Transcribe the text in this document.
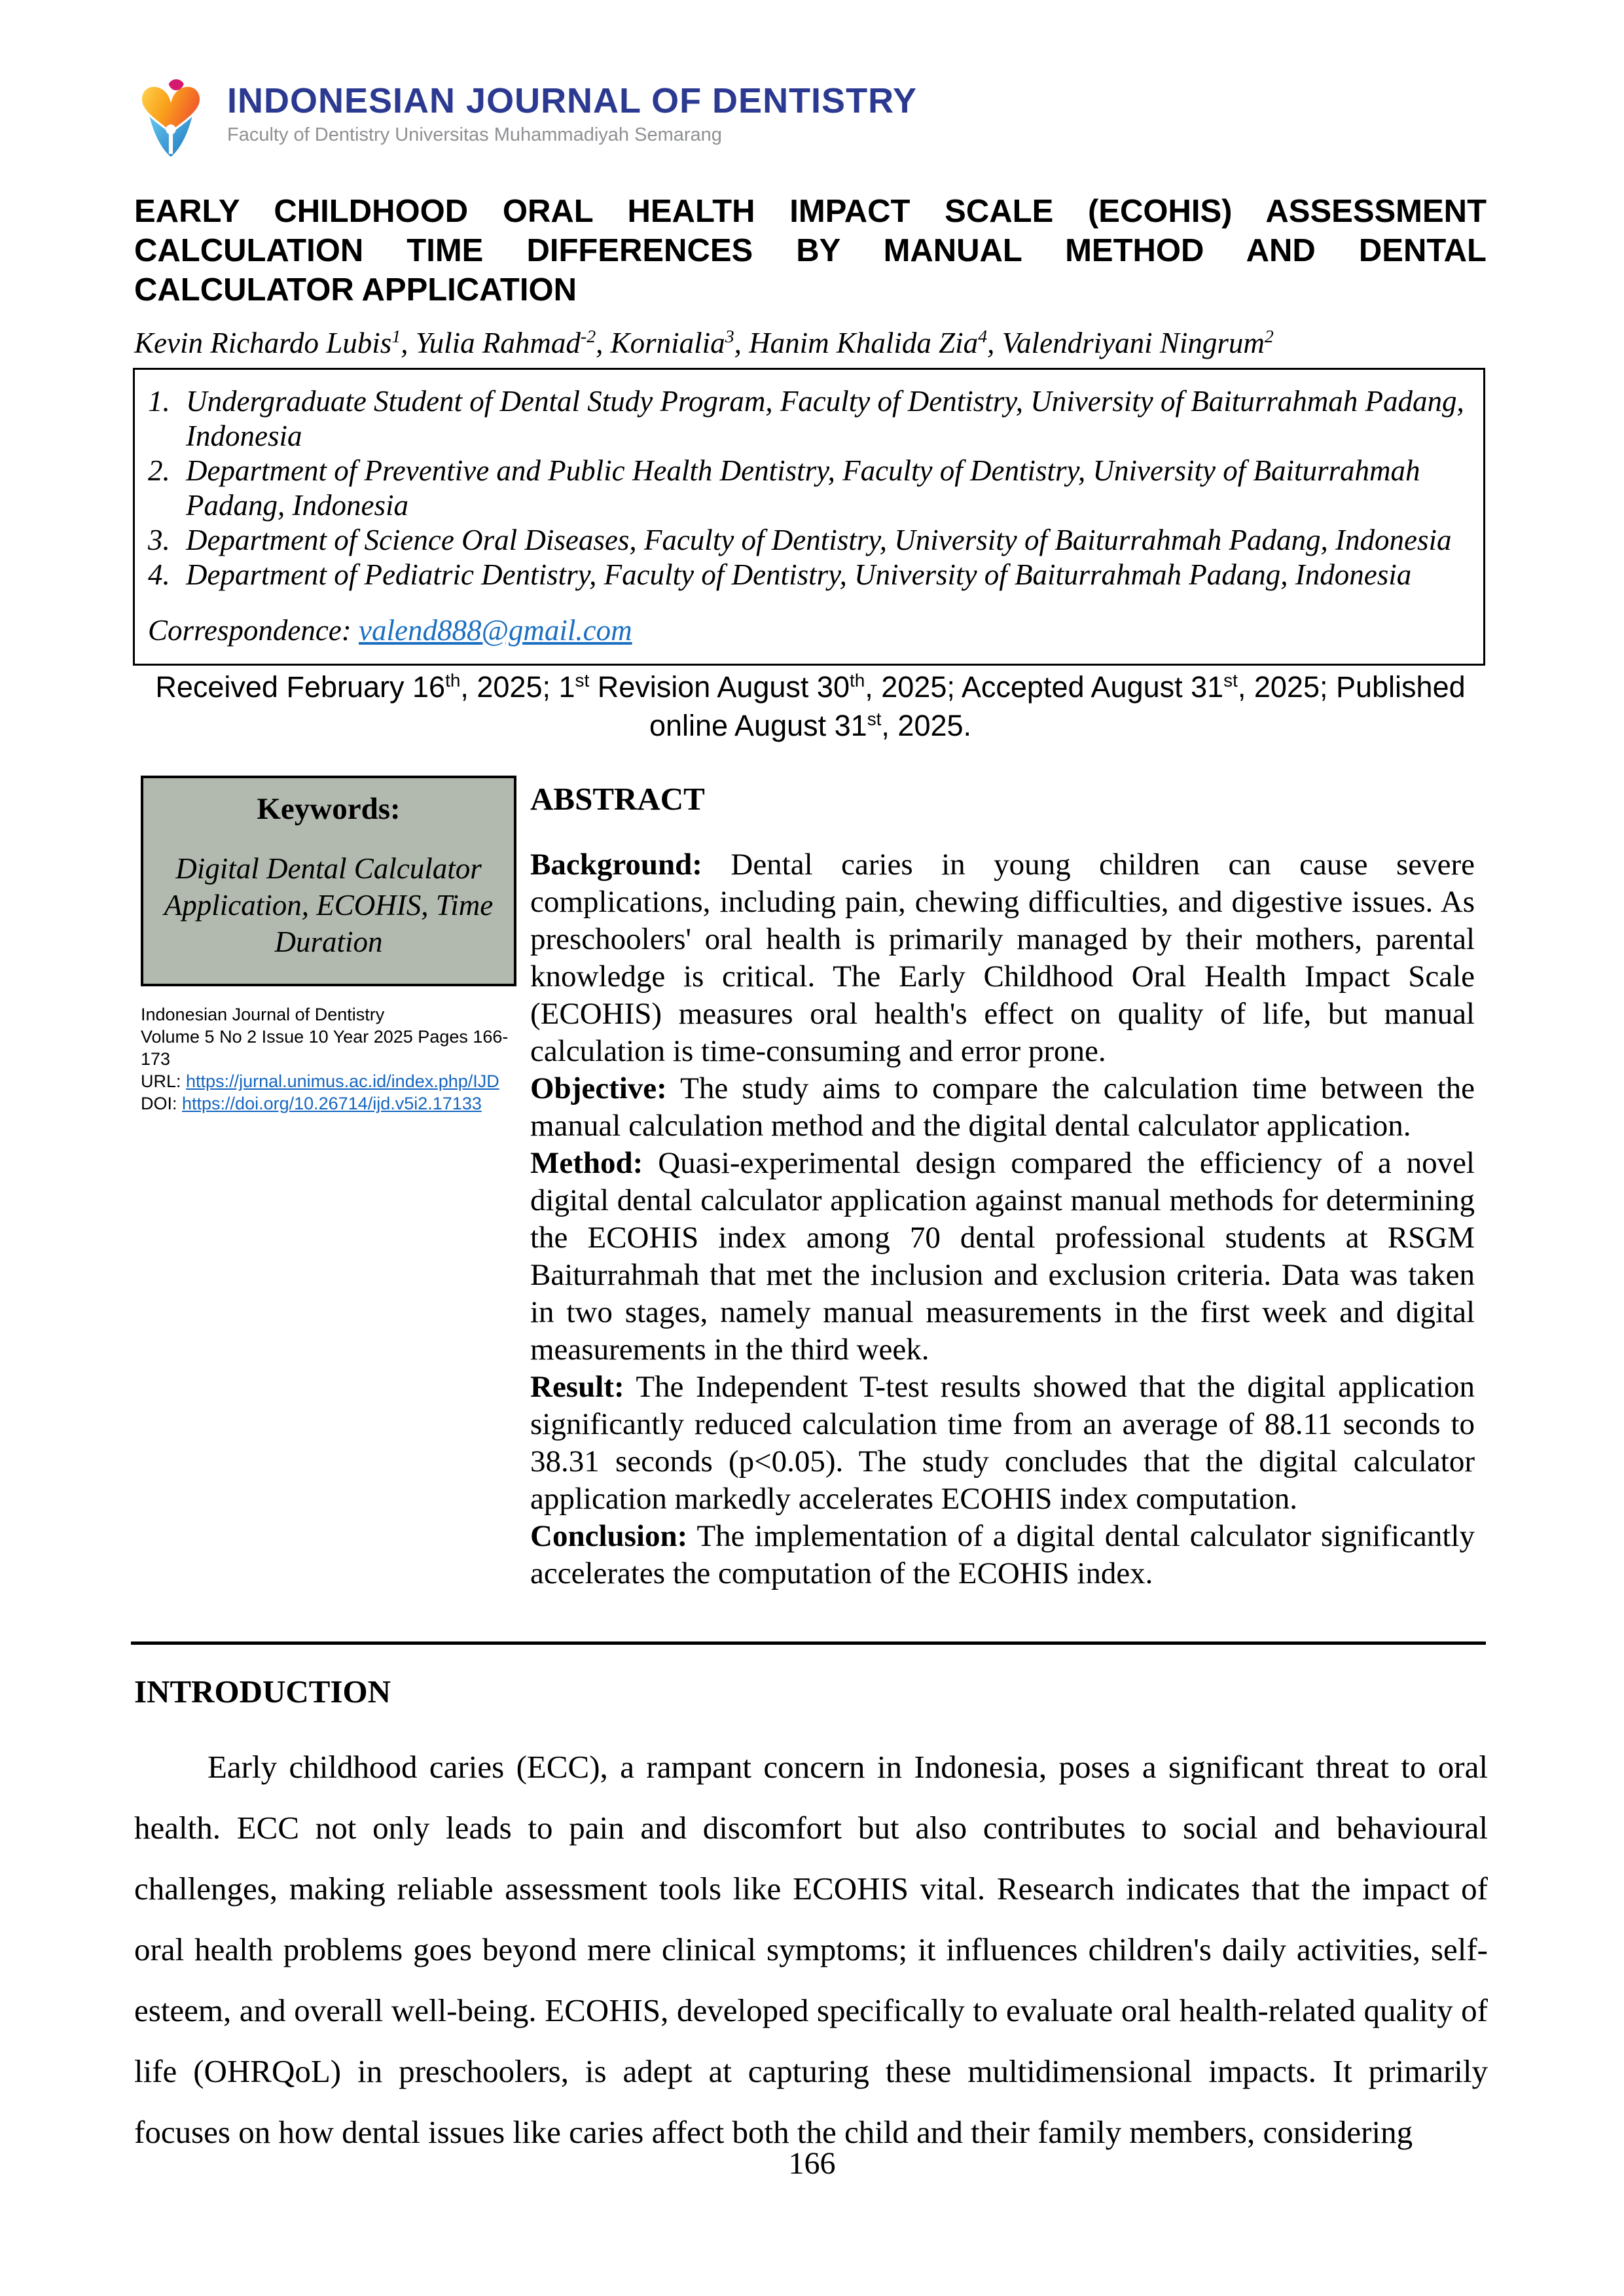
INDONESIAN JOURNAL OF DENTISTRY
Faculty of Dentistry Universitas Muhammadiyah Semarang
EARLY CHILDHOOD ORAL HEALTH IMPACT SCALE (ECOHIS) ASSESSMENT
CALCULATION TIME DIFFERENCES BY MANUAL METHOD AND DENTAL
CALCULATOR APPLICATION
Kevin Richardo Lubis$^1$, Yulia Rahmad$^{-2}$, Kornialia$^3$, Hanim Khalida Zia$^4$, Valendriyani Ningrum$^2$
1. Undergraduate Student of Dental Study Program, Faculty of Dentistry, University of Baiturrahmah Padang, Indonesia
2. Department of Preventive and Public Health Dentistry, Faculty of Dentistry, University of Baiturrahmah Padang, Indonesia
3. Department of Science Oral Diseases, Faculty of Dentistry, University of Baiturrahmah Padang, Indonesia
4. Department of Pediatric Dentistry, Faculty of Dentistry, University of Baiturrahmah Padang, Indonesia
Correspondence: valend888@gmail.com
Received February 16th, 2025; 1st Revision August 30th, 2025; Accepted August 31st, 2025; Published online August 31st, 2025.
Keywords:
Digital Dental Calculator Application, ECOHIS, Time Duration
Indonesian Journal of Dentistry
Volume 5 No 2 Issue 10 Year 2025 Pages 166-173
URL: https://jurnal.unimus.ac.id/index.php/IJD
DOI: https://doi.org/10.26714/ijd.v5i2.17133
ABSTRACT

Background: Dental caries in young children can cause severe complications, including pain, chewing difficulties, and digestive issues. As preschoolers' oral health is primarily managed by their mothers, parental knowledge is critical. The Early Childhood Oral Health Impact Scale (ECOHIS) measures oral health's effect on quality of life, but manual calculation is time-consuming and error prone.

Objective: The study aims to compare the calculation time between the manual calculation method and the digital dental calculator application.

Method: Quasi-experimental design compared the efficiency of a novel digital dental calculator application against manual methods for determining the ECOHIS index among 70 dental professional students at RSGM Baiturrahmah that met the inclusion and exclusion criteria. Data was taken in two stages, namely manual measurements in the first week and digital measurements in the third week.

Result: The Independent T-test results showed that the digital application significantly reduced calculation time from an average of 88.11 seconds to 38.31 seconds (p<0.05). The study concludes that the digital calculator application markedly accelerates ECOHIS index computation.

Conclusion: The implementation of a digital dental calculator significantly accelerates the computation of the ECOHIS index.

INTRODUCTION

Early childhood caries (ECC), a rampant concern in Indonesia, poses a significant threat to oral health. ECC not only leads to pain and discomfort but also contributes to social and behavioural challenges, making reliable assessment tools like ECOHIS vital. Research indicates that the impact of oral health problems goes beyond mere clinical symptoms; it influences children's daily activities, self-esteem, and overall well-being. ECOHIS, developed specifically to evaluate oral health-related quality of life (OHRQoL) in preschoolers, is adept at capturing these multidimensional impacts. It primarily focuses on how dental issues like caries affect both the child and their family members, considering

166
